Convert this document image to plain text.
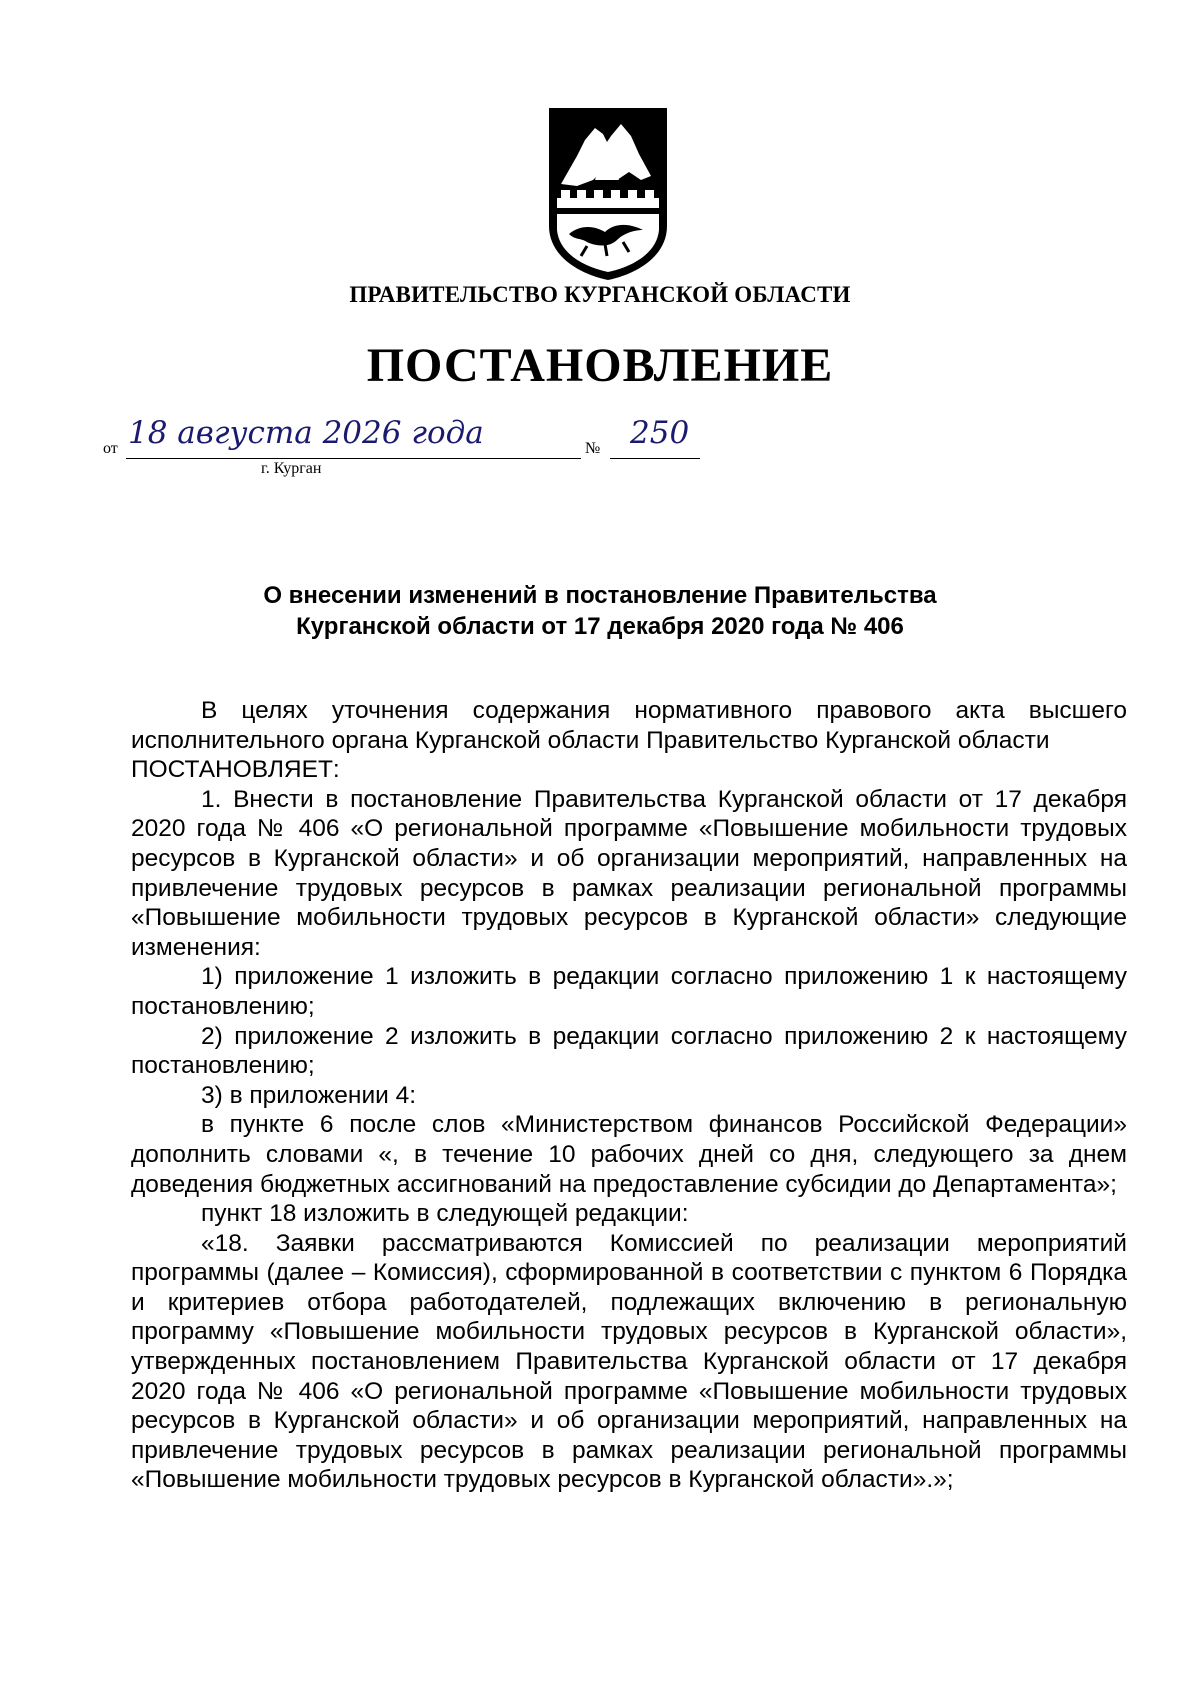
ПРАВИТЕЛЬСТВО КУРГАНСКОЙ ОБЛАСТИ
ПОСТАНОВЛЕНИЕ
от 18 августа 2026 года	№ 250
г. Курган
О внесении изменений в постановление Правительства
Курганской области от 17 декабря 2020 года № 406

В целях уточнения содержания нормативного правового акта высшего исполнительного органа Курганской области Правительство Курганской области

ПОСТАНОВЛЯЕТ:

1. Внести в постановление Правительства Курганской области от 17 декабря 2020 года № 406 «О региональной программе «Повышение мобильности трудовых ресурсов в Курганской области» и об организации мероприятий, направленных на привлечение трудовых ресурсов в рамках реализации региональной программы «Повышение мобильности трудовых ресурсов в Курганской области» следующие изменения:

1) приложение 1 изложить в редакции согласно приложению 1 к настоящему постановлению;

2) приложение 2 изложить в редакции согласно приложению 2 к настоящему постановлению;

3) в приложении 4:

в пункте 6 после слов «Министерством финансов Российской Федерации» дополнить словами «, в течение 10 рабочих дней со дня, следующего за днем доведения бюджетных ассигнований на предоставление субсидии до Департамента»;

пункт 18 изложить в следующей редакции:

«18. Заявки рассматриваются Комиссией по реализации мероприятий программы (далее – Комиссия), сформированной в соответствии с пунктом 6 Порядка и критериев отбора работодателей, подлежащих включению в региональную программу «Повышение мобильности трудовых ресурсов в Курганской области», утвержденных постановлением Правительства Курганской области от 17 декабря 2020 года № 406 «О региональной программе «Повышение мобильности трудовых ресурсов в Курганской области» и об организации мероприятий, направленных на привлечение трудовых ресурсов в рамках реализации региональной программы «Повышение мобильности трудовых ресурсов в Курганской области».»;
